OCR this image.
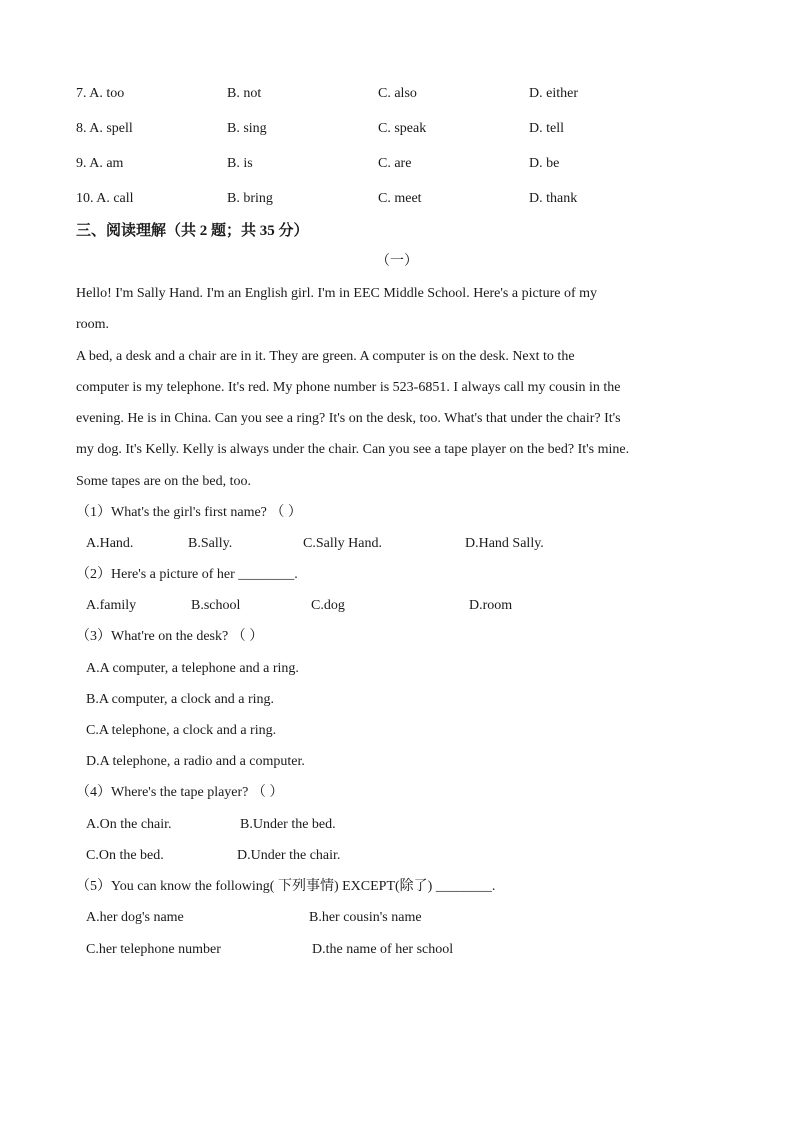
7. A. too	B. not	C. also	D. either
8. A. spell	B. sing	C. speak	D. tell
9. A. am	B. is	C. are	D. be
10. A. call	B. bring	C. meet	D. thank
三、阅读理解（共 2 题；共 35 分）
（一）
Hello! I'm Sally Hand. I'm an English girl. I'm in EEC Middle School. Here's a picture of my
room.
A bed, a desk and a chair are in it. They are green. A computer is on the desk. Next to the
computer is my telephone. It's red. My phone number is 523-6851. I always call my cousin in the
evening. He is in China. Can you see a ring? It's on the desk, too. What's that under the chair? It's
my dog. It's Kelly. Kelly is always under the chair. Can you see a tape player on the bed? It's mine.
Some tapes are on the bed, too.
（1）What's the girl's first name? （ ）
A.Hand.	B.Sally.	C.Sally Hand.	D.Hand Sally.
（2）Here's a picture of her ________.
A.family	B.school	C.dog	D.room
（3）What're on the desk? （ ）
A.A computer, a telephone and a ring.
B.A computer, a clock and a ring.
C.A telephone, a clock and a ring.
D.A telephone, a radio and a computer.
（4）Where's the tape player? （ ）
A.On the chair.	B.Under the bed.
C.On the bed.	D.Under the chair.
（5）You can know the following( 下列事情) EXCEPT(除了) ________.
A.her dog's name	B.her cousin's name
C.her telephone number	D.the name of her school
